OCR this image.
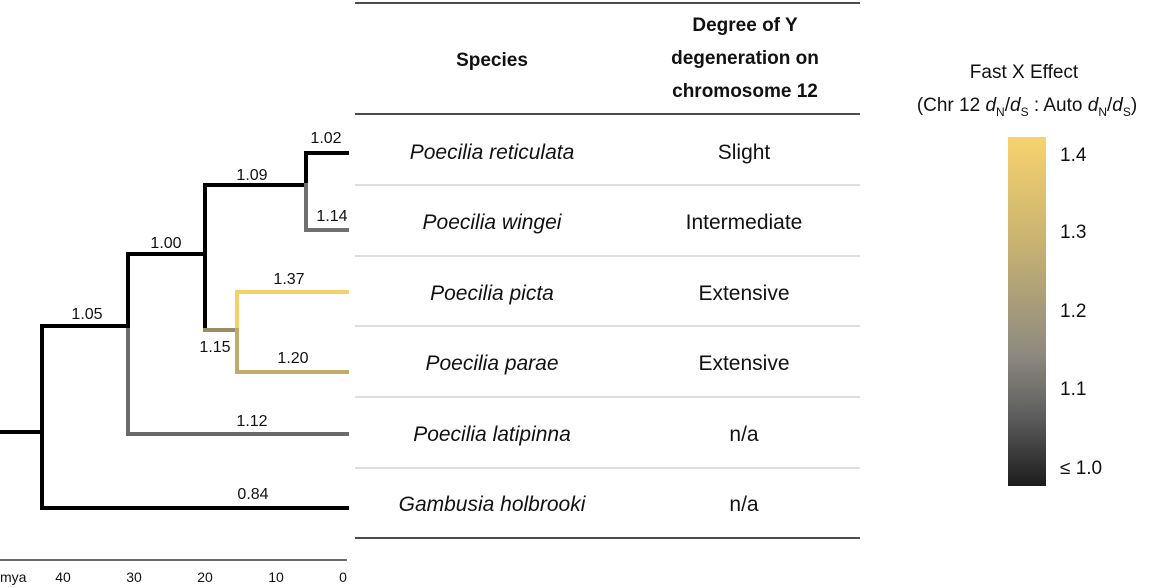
1.02
1.09
1.14
1.00
1.37
1.05
1.15
1.20
1.12
0.84
mya 40	30	20	10	0
Species
Degree of Y
degeneration on
chromosome 12
Poecilia reticulata	Slight
Poecilia wingei	Intermediate
Poecilia picta	Extensive
Poecilia parae	Extensive
Poecilia latipinna	n/a
Gambusia holbrooki	n/a
Fast X Effect
(Chr 12 $d_N/d_S$ : Auto $d_N/d_S$)
1.4
1.3
1.2
1.1
≤ 1.0
